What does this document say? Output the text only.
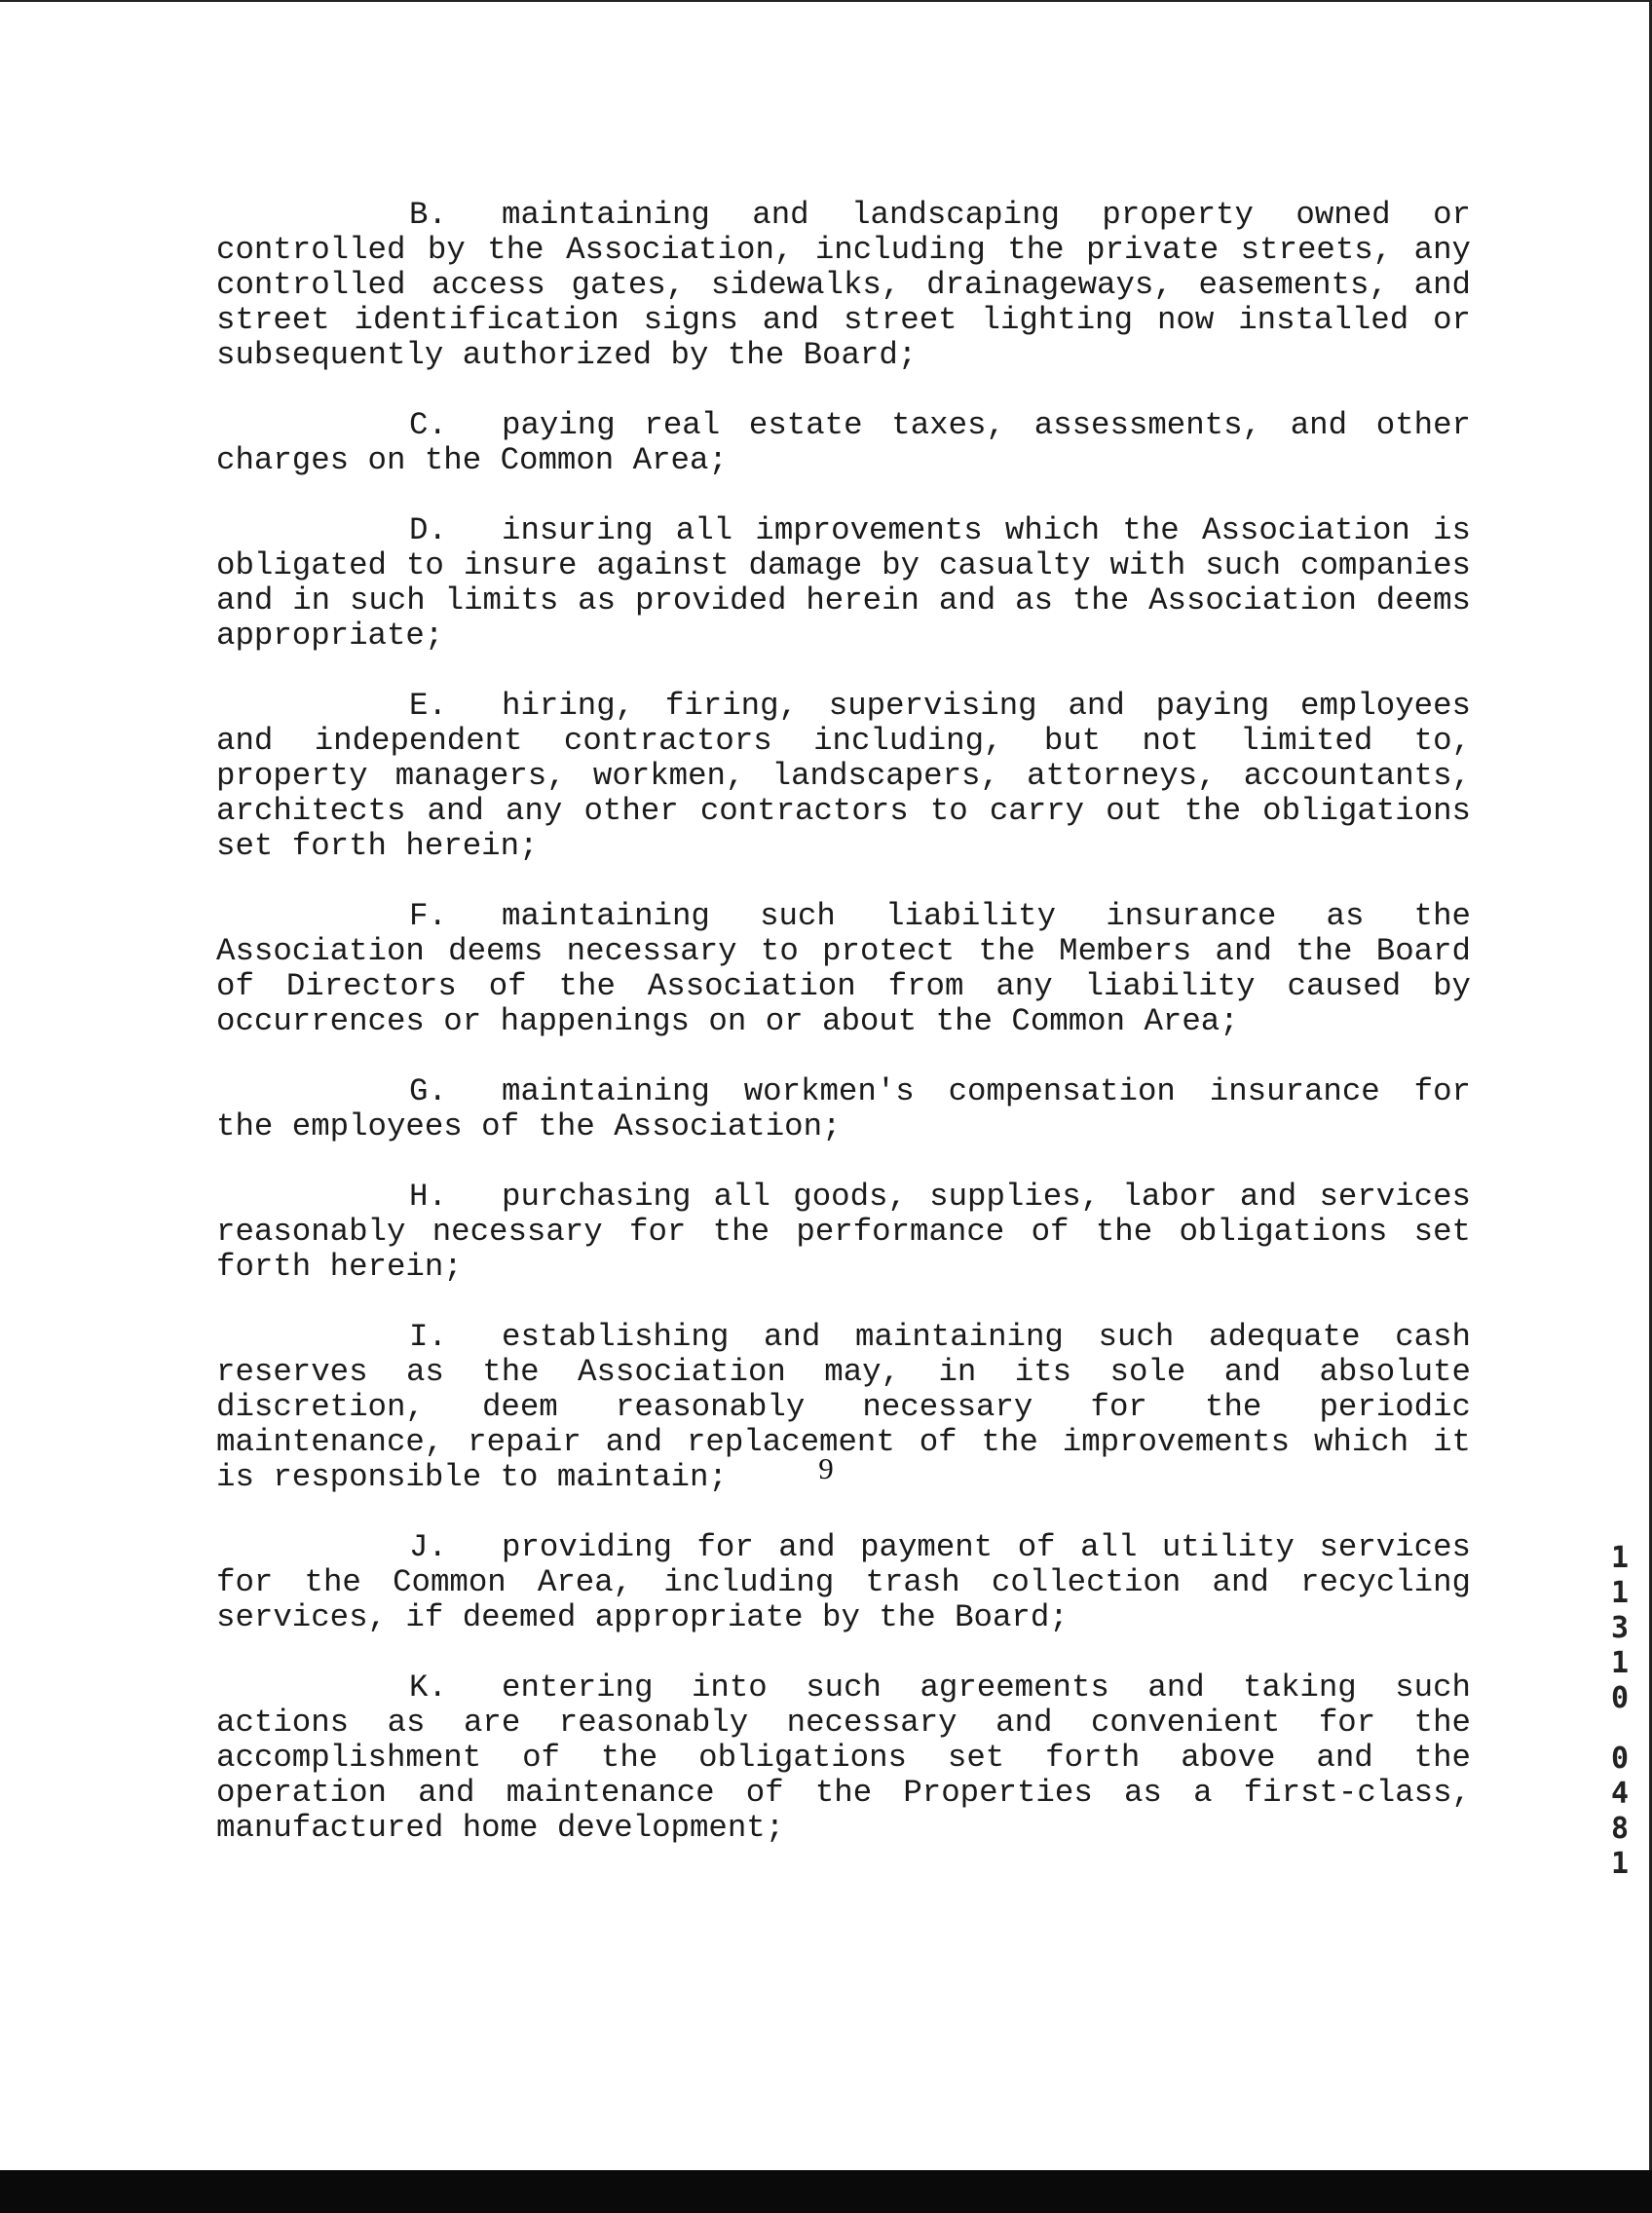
B. maintaining and landscaping property owned or controlled by the Association, including the private streets, any controlled access gates, sidewalks, drainageways, easements, and street identification signs and street lighting now installed or subsequently authorized by the Board;

C. paying real estate taxes, assessments, and other charges on the Common Area;

D. insuring all improvements which the Association is obligated to insure against damage by casualty with such companies and in such limits as provided herein and as the Association deems appropriate;

E. hiring, firing, supervising and paying employees and independent contractors including, but not limited to, property managers, workmen, landscapers, attorneys, accountants, architects and any other contractors to carry out the obligations set forth herein;

F. maintaining such liability insurance as the Association deems necessary to protect the Members and the Board of Directors of the Association from any liability caused by occurrences or happenings on or about the Common Area;

G. maintaining workmen's compensation insurance for the employees of the Association;

H. purchasing all goods, supplies, labor and services reasonably necessary for the performance of the obligations set forth herein;

I. establishing and maintaining such adequate cash reserves as the Association may, in its sole and absolute discretion, deem reasonably necessary for the periodic maintenance, repair and replacement of the improvements which it is responsible to maintain;

J. providing for and payment of all utility services for the Common Area, including trash collection and recycling services, if deemed appropriate by the Board;

K. entering into such agreements and taking such actions as are reasonably necessary and convenient for the accomplishment of the obligations set forth above and the operation and maintenance of the Properties as a first-class, manufactured home development;

9
1
1
3
1
0
0
4
8
1
